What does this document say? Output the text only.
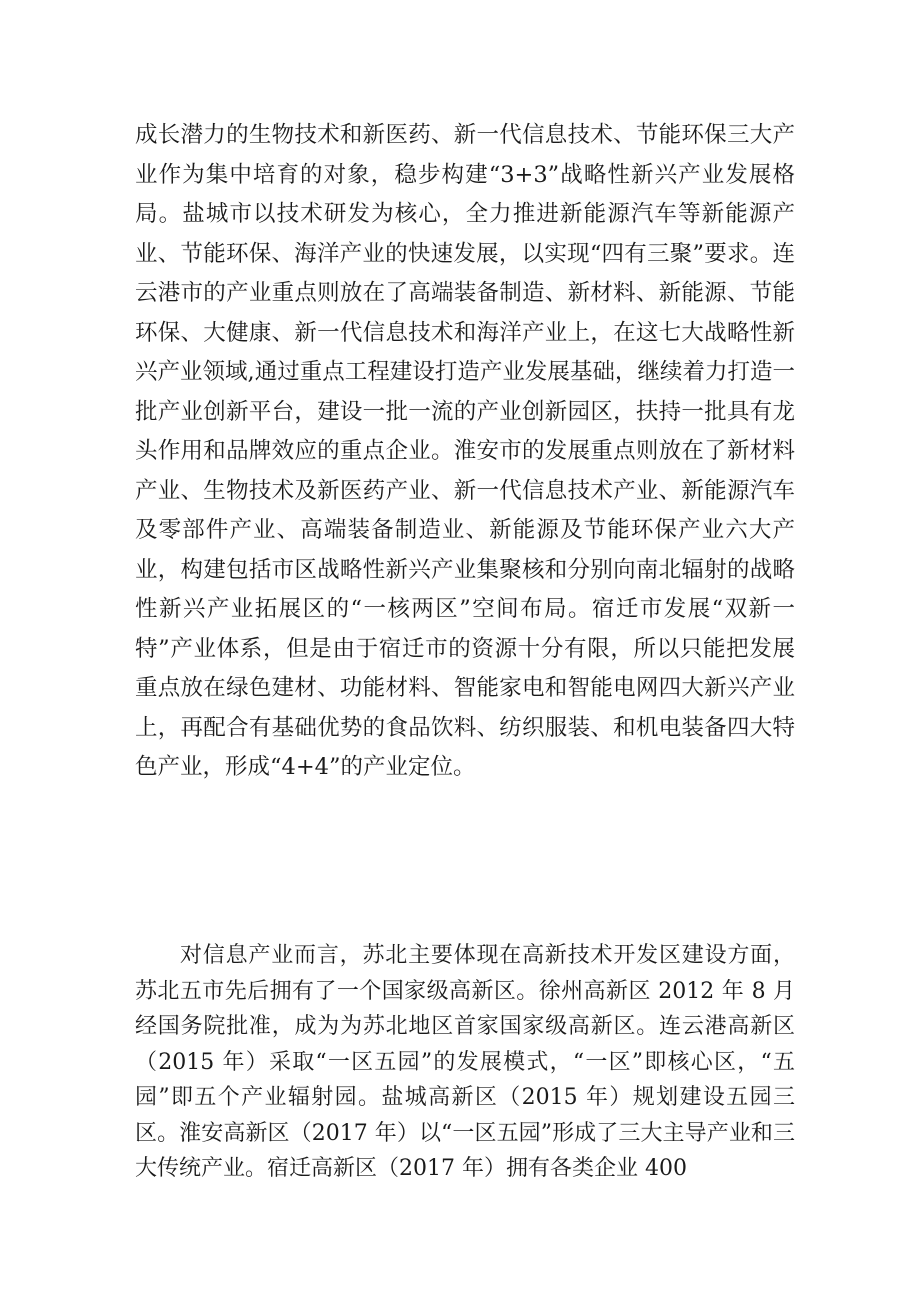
成长潜力的生物技术和新医药、新一代信息技术、节能环保三大产业作为集中培育的对象，稳步构建“3+3”战略性新兴产业发展格局。盐城市以技术研发为核心，全力推进新能源汽车等新能源产业、节能环保、海洋产业的快速发展，以实现“四有三聚”要求。连云港市的产业重点则放在了高端装备制造、新材料、新能源、节能环保、大健康、新一代信息技术和海洋产业上，在这七大战略性新兴产业领域,通过重点工程建设打造产业发展基础，继续着力打造一批产业创新平台，建设一批一流的产业创新园区，扶持一批具有龙头作用和品牌效应的重点企业。淮安市的发展重点则放在了新材料产业、生物技术及新医药产业、新一代信息技术产业、新能源汽车及零部件产业、高端装备制造业、新能源及节能环保产业六大产业，构建包括市区战略性新兴产业集聚核和分别向南北辐射的战略性新兴产业拓展区的“一核两区”空间布局。宿迁市发展“双新一特”产业体系，但是由于宿迁市的资源十分有限，所以只能把发展重点放在绿色建材、功能材料、智能家电和智能电网四大新兴产业上，再配合有基础优势的食品饮料、纺织服装、和机电装备四大特色产业，形成“4+4”的产业定位。

对信息产业而言，苏北主要体现在高新技术开发区建设方面，苏北五市先后拥有了一个国家级高新区。徐州高新区 2012 年 8 月经国务院批准，成为为苏北地区首家国家级高新区。连云港高新区（2015 年）采取“一区五园”的发展模式，“一区”即核心区，“五园”即五个产业辐射园。盐城高新区（2015 年）规划建设五园三区。淮安高新区（2017 年）以“一区五园”形成了三大主导产业和三大传统产业。宿迁高新区（2017 年）拥有各类企业 400
